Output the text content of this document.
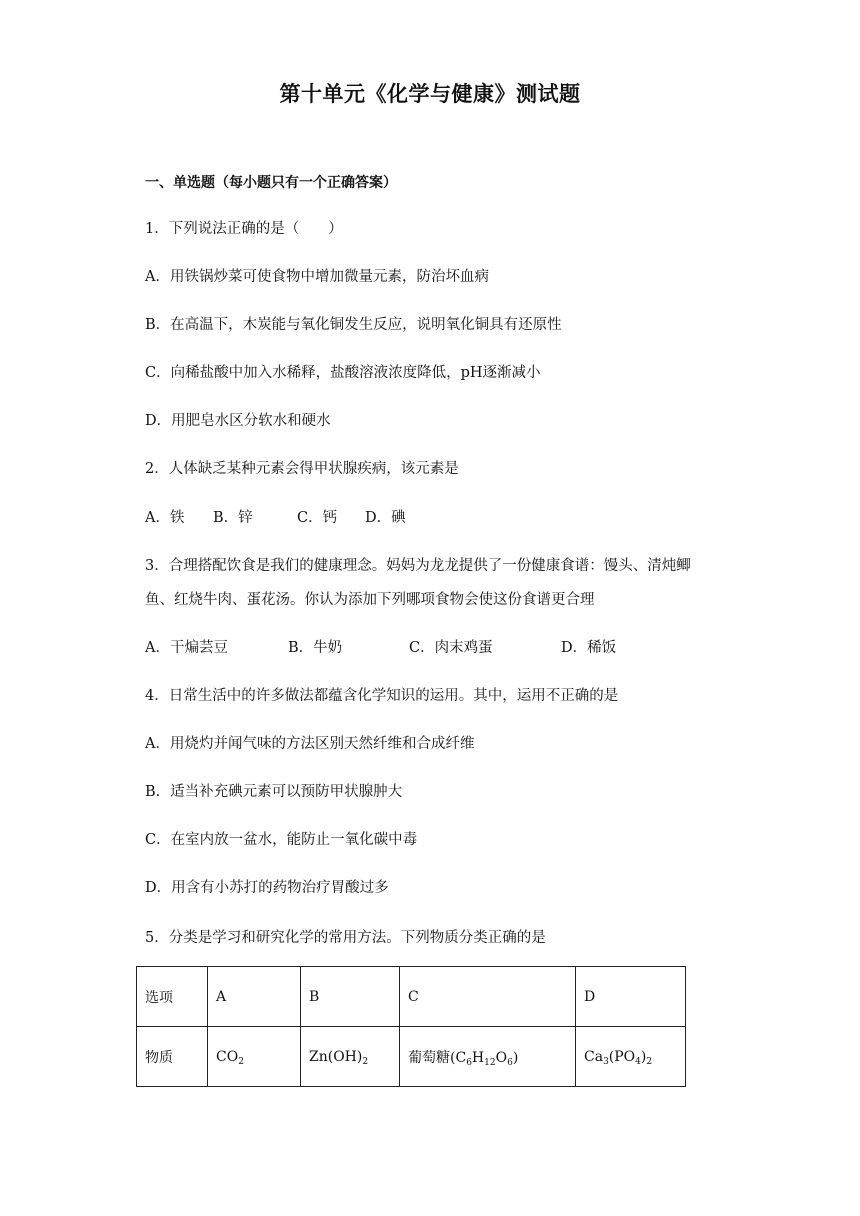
第十单元《化学与健康》测试题
一、单选题（每小题只有一个正确答案）
1．下列说法正确的是（　　）
A．用铁锅炒菜可使食物中增加微量元素，防治坏血病
B．在高温下，木炭能与氧化铜发生反应，说明氧化铜具有还原性
C．向稀盐酸中加入水稀释，盐酸溶液浓度降低，pH逐渐减小
D．用肥皂水区分软水和硬水
2．人体缺乏某种元素会得甲状腺疾病，该元素是
A．铁 B．锌	C．钙 D．碘
3．合理搭配饮食是我们的健康理念。妈妈为龙龙提供了一份健康食谱：馒头、清炖鲫
鱼、红烧牛肉、蛋花汤。你认为添加下列哪项食物会使这份食谱更合理
A．干煸芸豆	B．牛奶	C．肉末鸡蛋	D．稀饭
4．日常生活中的许多做法都蕴含化学知识的运用。其中，运用不正确的是
A．用烧灼并闻气味的方法区别天然纤维和合成纤维
B．适当补充碘元素可以预防甲状腺肿大
C．在室内放一盆水，能防止一氧化碳中毒
D．用含有小苏打的药物治疗胃酸过多
5．分类是学习和研究化学的常用方法。下列物质分类正确的是
选项	A	B	C	D
物质	$CO_2$	$Zn(OH)_2$	葡萄糖$(C_6H_{12}O_6)$	$Ca_3(PO_4)_2$
